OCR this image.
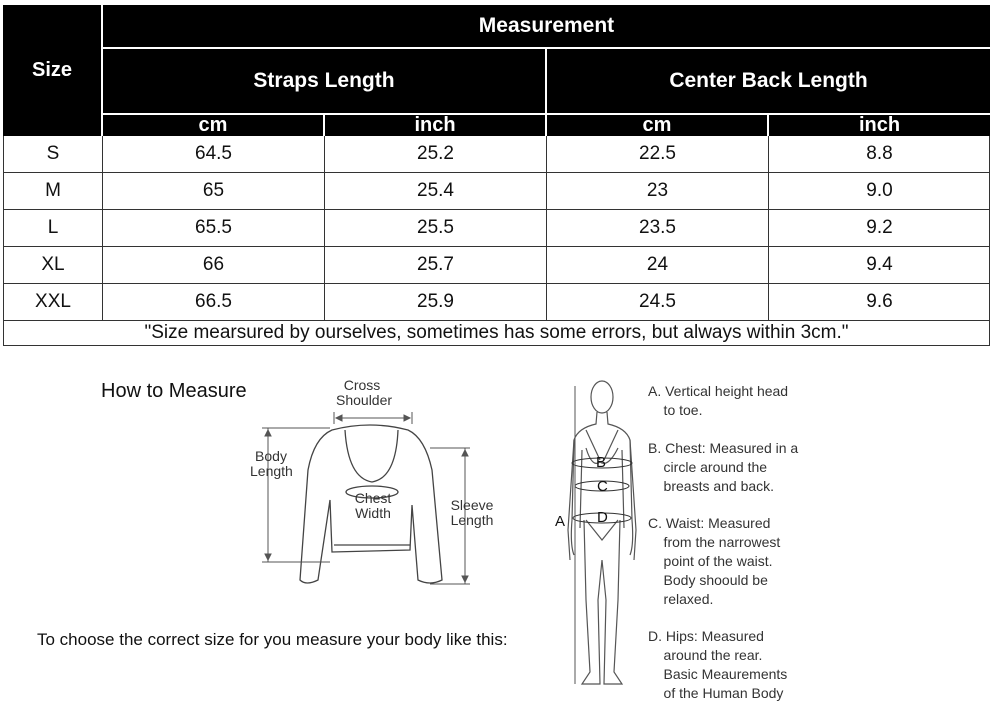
Size
Measurement
Straps Length	Center Back Length
cm	inch	cm	inch
S	64.5	25.2	22.5	8.8
M	65	25.4	23	9.0
L	65.5	25.5	23.5	9.2
XL	66	25.7	24	9.4
XXL	66.5	25.9	24.5	9.6
"Size mearsured by ourselves, sometimes has some errors, but always within 3cm."
How to Measure
To choose the correct size for you measure your body like this:
Cross
Shoulder
Body
Length
Chest
Width	Sleeve
Length
B
C
D
A
A. Vertical height head
to toe.
B. Chest: Measured in a
circle around the
breasts and back.
C. Waist: Measured
from the narrowest
point of the waist.
Body shoould be
relaxed.
D. Hips: Measured
around the rear.
Basic Meaurements
of the Human Body
